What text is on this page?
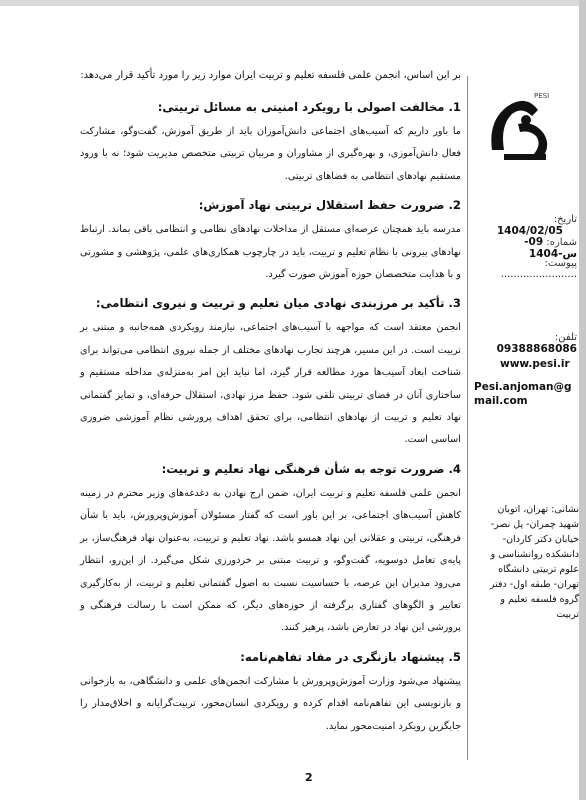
PESI
تاریخ: 1404/02/05
شماره: 09-س-1404
پیوست: ........................
تلفن: 09388868086
www.pesi.ir
Pesi.anjoman@gmail.com
نشانی: تهران، اتوبان شهید چمران- پل نصر- خیابان دکتر کاردان- دانشکده روانشناسی و علوم تربیتی دانشگاه تهران- طبقه اول- دفتر گروه فلسفه تعلیم و تربیت

بر این اساس، انجمن علمی فلسفه تعلیم و تربیت ایران موارد زیر را مورد تأکید قرار می‌دهد:

1. مخالفت اصولی با رویکرد امنیتی به مسائل تربیتی:

ما باور داریم که آسیب‌های اجتماعی دانش‌آموزان باید از طریق آموزش، گفت‌وگو، مشارکت فعال دانش‌آموزی، و بهره‌گیری از مشاوران و مربیان تربیتی متخصص مدیریت شود؛ نه با ورود مستقیم نهادهای انتظامی به فضاهای تربیتی.

2. ضرورت حفظ استقلال تربیتی نهاد آموزش:

مدرسه باید همچنان عرصه‌ای مستقل از مداخلات نهادهای نظامی و انتظامی باقی بماند. ارتباط نهادهای بیرونی با نظام تعلیم و تربیت، باید در چارچوب همکاری‌های علمی، پژوهشی و مشورتی و با هدایت متخصصان حوزه آموزش صورت گیرد.

3. تأکید بر مرزبندی نهادی میان تعلیم و تربیت و نیروی انتظامی:

انجمن معتقد است که مواجهه با آسیب‌های اجتماعی، نیازمند رویکردی همه‌جانبه و مبتنی بر تربیت است. در این مسیر، هرچند تجارب نهادهای مختلف از جمله نیروی انتظامی می‌تواند برای شناخت ابعاد آسیب‌ها مورد مطالعه قرار گیرد، اما نباید این امر به‌منزله‌ی مداخله مستقیم و ساختاری آنان در فضای تربیتی تلقی شود. حفظ مرز نهادی، استقلال حرفه‌ای، و تمایز گفتمانی نهاد تعلیم و تربیت از نهادهای انتظامی، برای تحقق اهداف پرورشی نظام آموزشی ضروری اساسی است.

4. ضرورت توجه به شأن فرهنگی نهاد تعلیم و تربیت:

انجمن علمی فلسفه تعلیم و تربیت ایران، ضمن ارج نهادن به دغدغه‌های وزیر محترم در زمینه کاهش آسیب‌های اجتماعی، بر این باور است که گفتار مسئولان آموزش‌وپرورش، باید با شأن فرهنگی، تربیتی و عقلانی این نهاد همسو باشد. نهاد تعلیم و تربیت، به‌عنوان نهاد فرهنگ‌ساز، بر پایه‌ی تعامل دوسویه، گفت‌وگو، و تربیت مبتنی بر خردورزی شکل می‌گیرد. از این‌رو، انتظار می‌رود مدیران این عرصه، با حساسیت نسبت به اصول گفتمانی تعلیم و تربیت، از به‌کارگیری تعابیر و الگوهای گفتاری برگرفته از حوزه‌های دیگر، که ممکن است با رسالت فرهنگی و پرورشی این نهاد در تعارض باشد، پرهیز کنند.

5. پیشنهاد بازنگری در مفاد تفاهم‌نامه:

پیشنهاد می‌شود وزارت آموزش‌وپرورش با مشارکت انجمن‌های علمی و دانشگاهی، به بازخوانی و بازنویسی این تفاهم‌نامه اقدام کرده و رویکردی انسان‌محور، تربیت‌گرایانه و اخلاق‌مدار را جایگزین رویکرد امنیت‌محور نماید.

2
